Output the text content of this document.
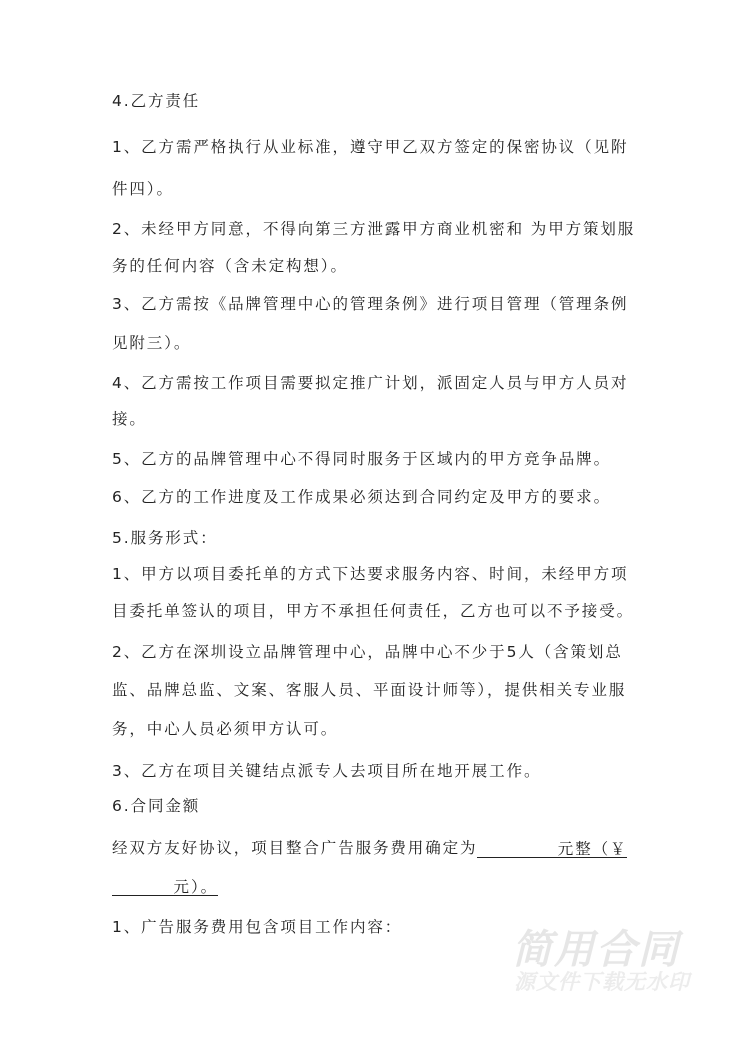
4.乙方责任
1、乙方需严格执行从业标准，遵守甲乙双方签定的保密协议（见附
件四）。
2、未经甲方同意，不得向第三方泄露甲方商业机密和 为甲方策划服
务的任何内容（含未定构想）。
3、乙方需按《品牌管理中心的管理条例》进行项目管理（管理条例
见附三）。
4、乙方需按工作项目需要拟定推广计划，派固定人员与甲方人员对
接。
5、乙方的品牌管理中心不得同时服务于区域内的甲方竞争品牌。
6、乙方的工作进度及工作成果必须达到合同约定及甲方的要求。
5.服务形式：
1、甲方以项目委托单的方式下达要求服务内容、时间，未经甲方项
目委托单签认的项目，甲方不承担任何责任，乙方也可以不予接受。
2、乙方在深圳设立品牌管理中心，品牌中心不少于5人（含策划总
监、品牌总监、文案、客服人员、平面设计师等），提供相关专业服
务，中心人员必须甲方认可。
3、乙方在项目关键结点派专人去项目所在地开展工作。
6.合同金额
经双方友好协议，项目整合广告服务费用确定为	元整（￥
元）。
1、广告服务费用包含项目工作内容：	简用合同
源文件下载无水印
